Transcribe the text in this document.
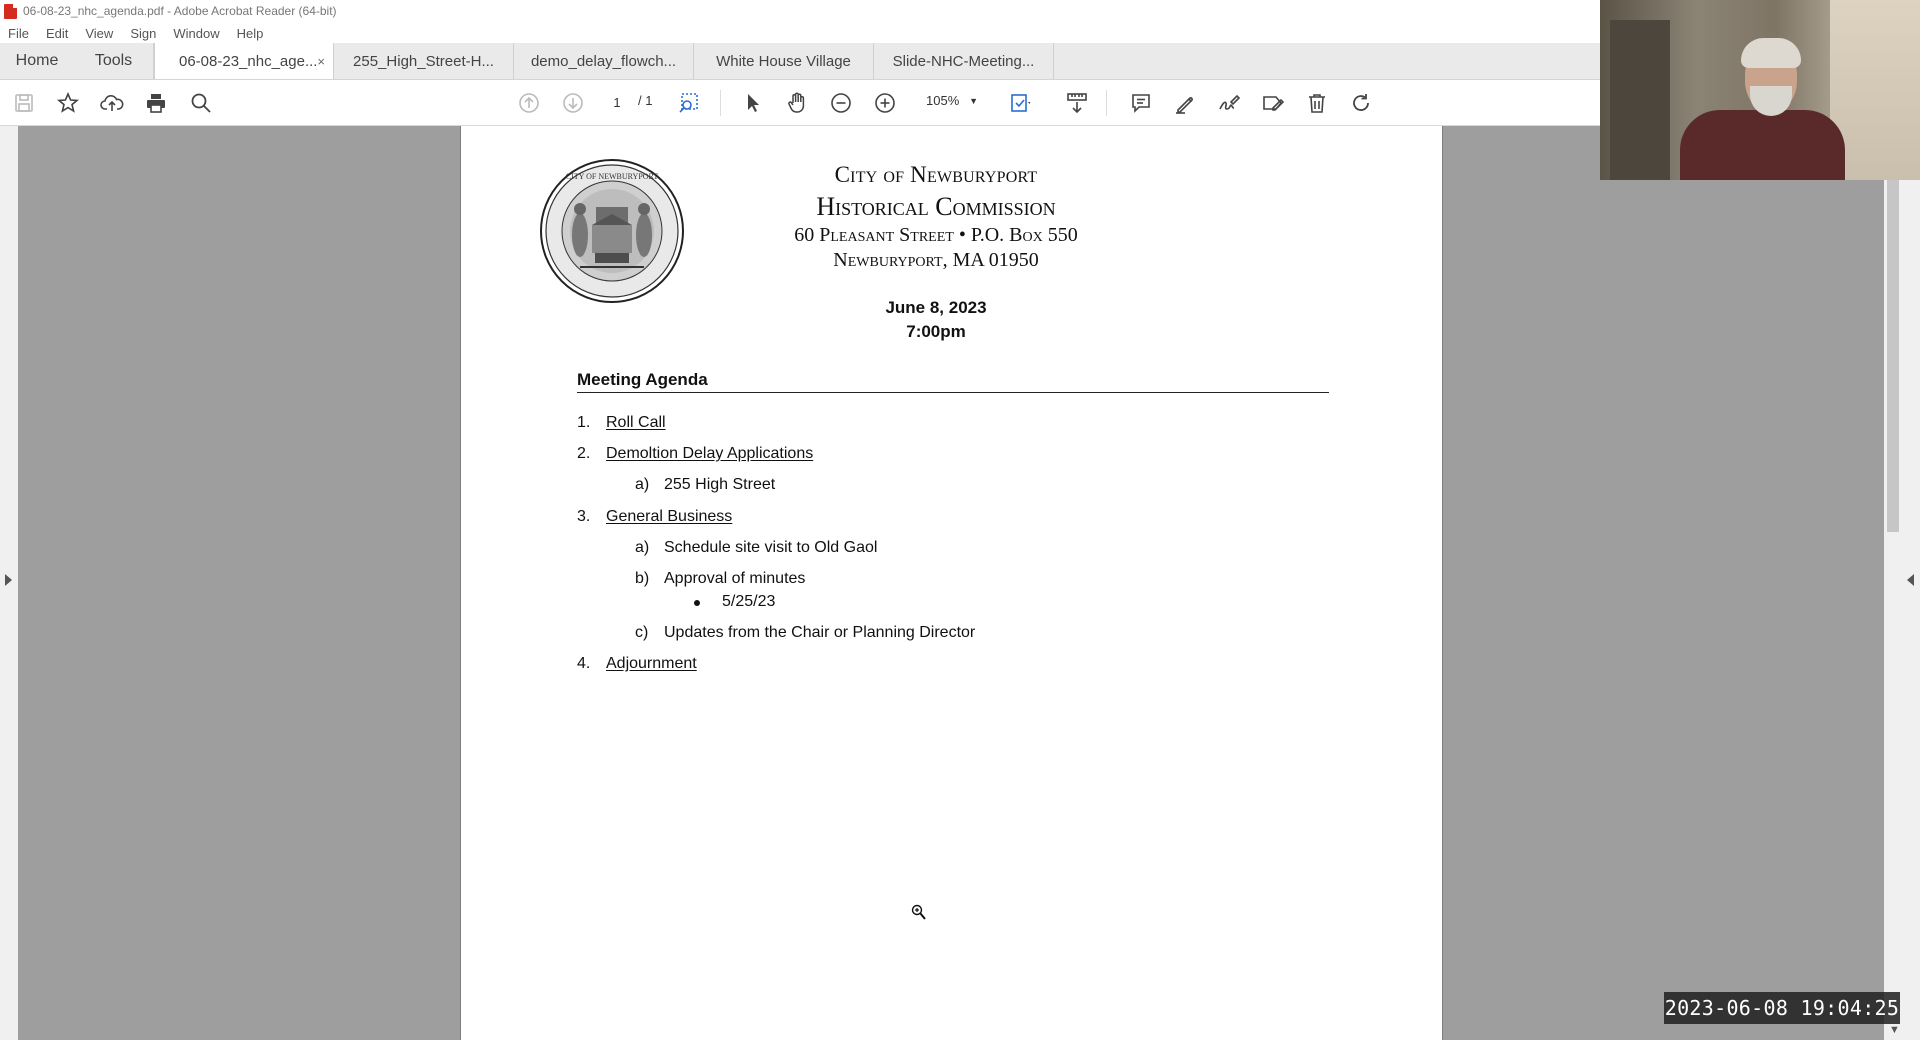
06-08-23_nhc_agenda.pdf - Adobe Acrobat Reader (64-bit)
File Edit View Sign Window Help
Home	Tools	06-08-23_nhc_age... ×	255_High_Street-H...	demo_delay_flowch...	White House Village	Slide-NHC-Meeting...
1	/ 1	105% ▼
▼
CITY OF NEWBURYPORT	City of Newburyport
Historical Commission
60 Pleasant Street • P.O. Box 550
Newburyport, MA 01950
June 8, 2023
7:00pm
Meeting Agenda
1. Roll Call
2. Demoltion Delay Applications
a) 255 High Street
3. General Business
a) Schedule site visit to Old Gaol
b) Approval of minutes
5/25/23
c) Updates from the Chair or Planning Director
4. Adjournment
2023-06-08 19:04:25
